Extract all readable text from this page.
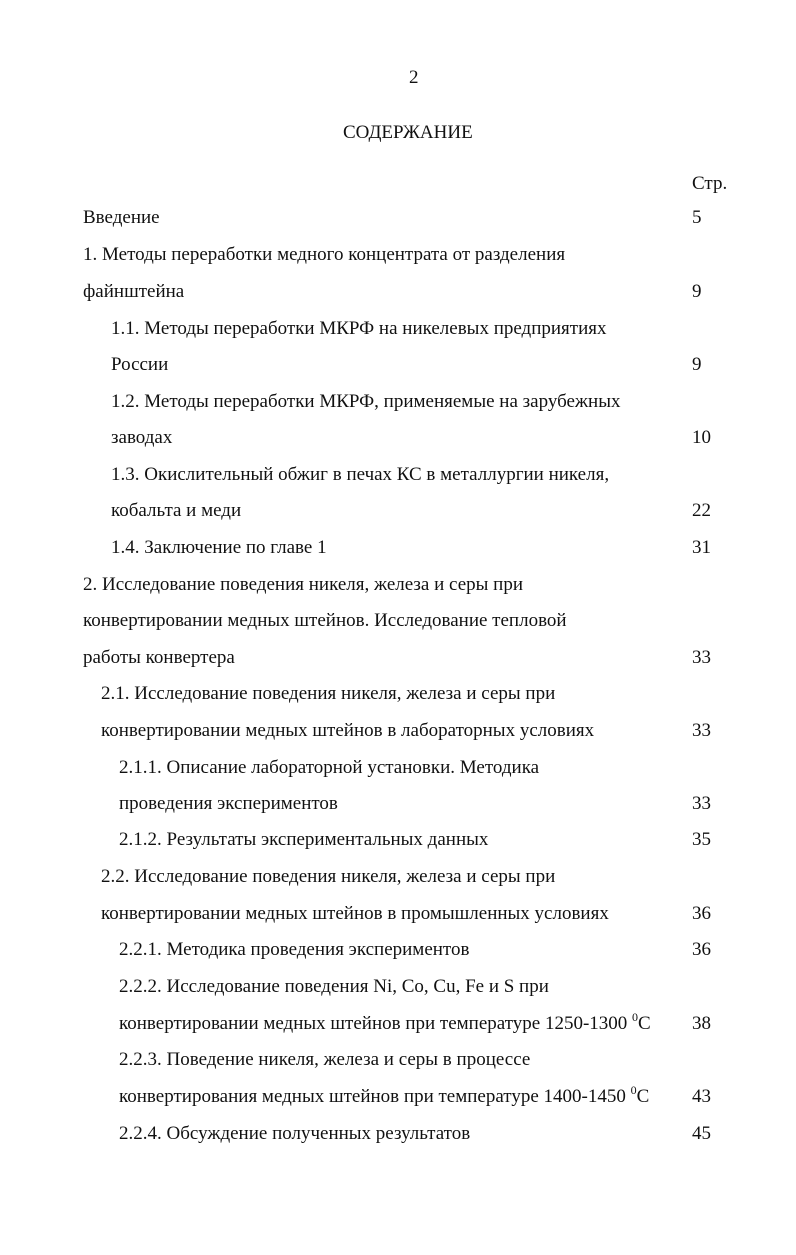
2
СОДЕРЖАНИЕ
Стр.
Введение	5
1. Методы переработки медного концентрата от разделения
файнштейна	9
1.1. Методы переработки МКРФ на никелевых предприятиях
России	9
1.2. Методы переработки МКРФ, применяемые на зарубежных
заводах	10
1.3. Окислительный обжиг в печах КС в металлургии никеля,
кобальта и меди	22
1.4. Заключение по главе 1	31
2. Исследование поведения никеля, железа и серы при
конвертировании медных штейнов. Исследование тепловой
работы конвертера	33
2.1. Исследование поведения никеля, железа и серы при
конвертировании медных штейнов в лабораторных условиях	33
2.1.1. Описание лабораторной установки. Методика
проведения экспериментов	33
2.1.2. Результаты экспериментальных данных	35
2.2. Исследование поведения никеля, железа и серы при
конвертировании медных штейнов в промышленных условиях	36
2.2.1. Методика проведения экспериментов	36
2.2.2. Исследование поведения Ni, Co, Cu, Fe и S при
конвертировании медных штейнов при температуре 1250-1300 $^0$C 38
2.2.3. Поведение никеля, железа и серы в процессе
конвертирования медных штейнов при температуре 1400-1450 $^0$C 43
2.2.4. Обсуждение полученных результатов	45
